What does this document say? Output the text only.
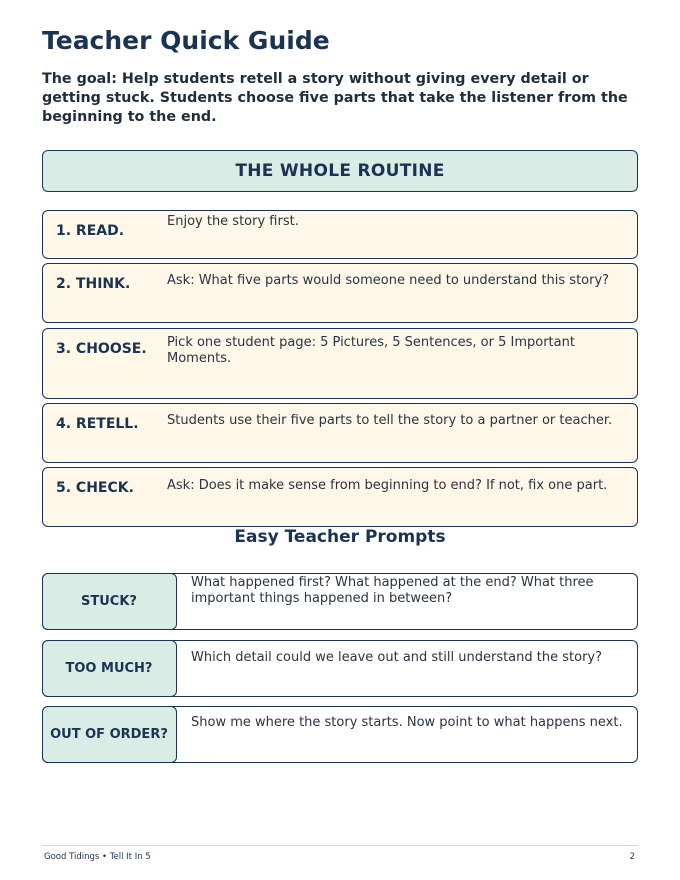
Teacher Quick Guide
The goal: Help students retell a story without giving every detail or getting stuck. Students choose five parts that take the listener from the beginning to the end.
THE WHOLE ROUTINE
1. READ.
Enjoy the story first.
2. THINK.	Ask: What five parts would someone need to understand this story?
3. CHOOSE. Pick one student page: 5 Pictures, 5 Sentences, or 5 Important Moments.
4. RETELL. Students use their five parts to tell the story to a partner or teacher.
5. CHECK.	Ask: Does it make sense from beginning to end? If not, fix one part.
Easy Teacher Prompts
STUCK?
What happened first? What happened at the end? What three important things happened in between?
TOO MUCH?
Which detail could we leave out and still understand the story?
OUT OF ORDER?
Show me where the story starts. Now point to what happens next.
Good Tidings • Tell It In 5	2
